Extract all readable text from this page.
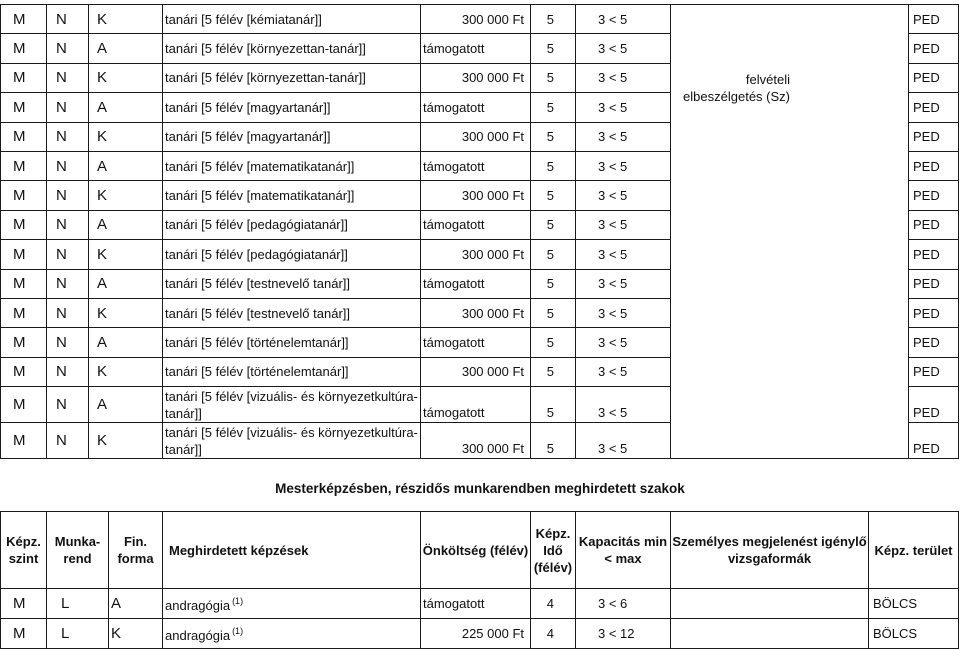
M	N	K	tanári [5 félév [kémiatanár]]	300 000 Ft	5	3 < 5	felvételi elbeszélgetés (Sz)	PED
M	N	A	tanári [5 félév [környezettan-tanár]]	támogatott	5	3 < 5		PED
M	N	K	tanári [5 félév [környezettan-tanár]]	300 000 Ft	5	3 < 5		PED
M	N	A	tanári [5 félév [magyartanár]]	támogatott	5	3 < 5		PED
M	N	K	tanári [5 félév [magyartanár]]	300 000 Ft	5	3 < 5		PED
M	N	A	tanári [5 félév [matematikatanár]]	támogatott	5	3 < 5		PED
M	N	K	tanári [5 félév [matematikatanár]]	300 000 Ft	5	3 < 5		PED
M	N	A	tanári [5 félév [pedagógiatanár]]	támogatott	5	3 < 5		PED
M	N	K	tanári [5 félév [pedagógiatanár]]	300 000 Ft	5	3 < 5		PED
M	N	A	tanári [5 félév [testnevelő tanár]]	támogatott	5	3 < 5		PED
M	N	K	tanári [5 félév [testnevelő tanár]]	300 000 Ft	5	3 < 5		PED
M	N	A	tanári [5 félév [történelemtanár]]	támogatott	5	3 < 5		PED
M	N	K	tanári [5 félév [történelemtanár]]	300 000 Ft	5	3 < 5		PED
M	N	A	tanári [5 félév [vizuális- és környezetkultúra-tanár]]	támogatott	5	3 < 5		PED
M	N	K	tanári [5 félév [vizuális- és környezetkultúra-tanár]]	300 000 Ft	5	3 < 5		PED
Mesterképzésben, részidős munkarendben meghirdetett szakok
Képz. szint	Munka-rend	Fin. forma	Meghirdetett képzések	Önköltség (félév)	Képz. Idő (félév)	Kapacitás min < max	Személyes megjelenést igénylő vizsgaformák	Képz. terület
M	L	A	andragógia $^{(1)}$	támogatott	4	3 < 6		BÖLCS
M	L	K	andragógia $^{(1)}$	225 000 Ft	4	3 < 12		BÖLCS
